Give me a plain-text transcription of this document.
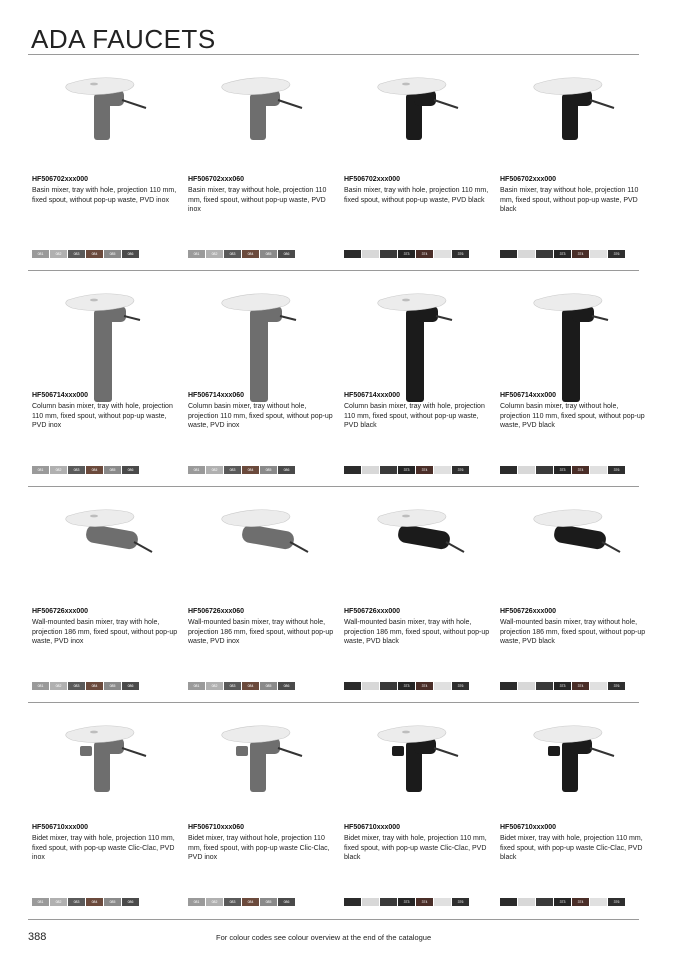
ADA FAUCETS
HF506702xxx000
Basin mixer, tray with hole, projection 110 mm, fixed spout, without pop-up waste, PVD inox
081	082	083	084	085	086
HF506702xxx060
Basin mixer, tray without hole, projection 110 mm, fixed spout, without pop-up waste, PVD inox
081	082	083	084	085	086
HF506702xxx000
Basin mixer, tray with hole, projection 110 mm, fixed spout, without pop-up waste, PVD black
373	374	376
HF506702xxx000
Basin mixer, tray without hole, projection 110 mm, fixed spout, without pop-up waste, PVD black
373	374	376
HF506714xxx000
Column basin mixer, tray with hole, projection 110 mm, fixed spout, without pop-up waste, PVD inox
081	082	083	084	085	086
HF506714xxx060
Column basin mixer, tray without hole, projection 110 mm, fixed spout, without pop-up waste, PVD inox
081	082	083	084	085	086
HF506714xxx000
Column basin mixer, tray with hole, projection 110 mm, fixed spout, without pop-up waste, PVD black
373	374	376
HF506714xxx000
Column basin mixer, tray without hole, projection 110 mm, fixed spout, without pop-up waste, PVD black
373	374	376
HF506726xxx000
Wall-mounted basin mixer, tray with hole, projection 186 mm, fixed spout, without pop-up waste, PVD inox
081	082	083	084	085	086
HF506726xxx060
Wall-mounted basin mixer, tray without hole, projection 186 mm, fixed spout, without pop-up waste, PVD inox
081	082	083	084	085	086
HF506726xxx000
Wall-mounted basin mixer, tray with hole, projection 186 mm, fixed spout, without pop-up waste, PVD black
373	374	376
HF506726xxx000
Wall-mounted basin mixer, tray without hole, projection 186 mm, fixed spout, without pop-up waste, PVD black
373	374	376
HF506710xxx000
Bidet mixer, tray with hole, projection 110 mm, fixed spout, with pop-up waste Clic-Clac, PVD inox
081	082	083	084	085	086
HF506710xxx060
Bidet mixer, tray without hole, projection 110 mm, fixed spout, with pop-up waste Clic-Clac, PVD inox
081	082	083	084	085	086
HF506710xxx000
Bidet mixer, tray with hole, projection 110 mm, fixed spout, with pop-up waste Clic-Clac, PVD black
373	374	376
HF506710xxx000
Bidet mixer, tray with hole, projection 110 mm, fixed spout, with pop-up waste Clic-Clac, PVD black
373	374	376
388	For colour codes see colour overview at the end of the catalogue
